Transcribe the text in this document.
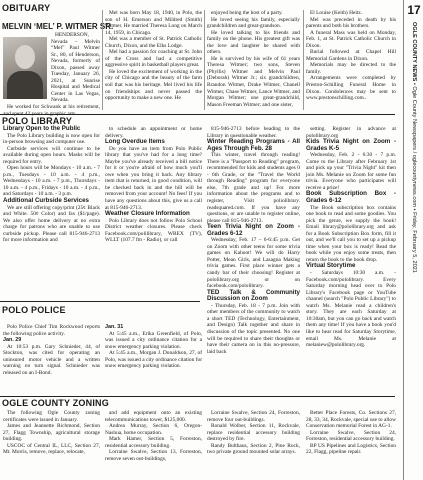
17
OGLE COUNTY NEWS • Ogle County Newspapers / oglecountynews.com • Friday, February 5, 2021
OBITUARY
MELVIN ‘MEL’ P. WITMER SR.

HENDERSON, Nevada – Melvin “Mel” Paul Witmer Sr., 80, of Henderson, Nevada, formerly of Dixon, passed away Tuesday, January 26, 2021, at Sunrise Hospital and Medical Center in Las Vegas, Nevada.

He worked for Schwank at his retirement, and spent 42 years in graphic arts.

Mel was born May 18, 1940, in Polo, the son of H. Emerson and Mildred (Smith) Witmer. He married Theresa Long on March 14, 1959, in Chicago.

Mel was a member of St. Patrick Catholic Church, Dixon, and the Elks Lodge.

Mel had a passion for coaching at St. John of the Cross and had a competitive aggressive spirit in basketball players great.

He loved the excitement of working in the city of Chicago and the beauty of the farm soil that was his heritage. Mel lived his life on friendships and never passed the opportunity to make a new one. He

enjoyed being the host of a party.

He loved seeing his family, especially grandchildren and great-grandson.

He loved talking to his friends and family on the phone. His greatest gift was the love and laughter he shared with others.

He is survived by his wife of 61 years Theresa Witmer; two sons, Steven (Phyllis) Witmer and Melvin Paul (Deborah) Witmer Jr.; six grandchildren, Brandon Witmer, Drake Witmer, Chanell Witmer, Chase Witmer, Lance Witmer, and Morgan Witmer; one great-grandchild, Mason Freeman Witmer; and one sister,

El Louise (Keith) Heitz.

Mel was preceded in death by his parents and both his brothers.

A funeral Mass was held on Monday, Feb. 1, at St. Patrick Catholic Church in Dixon.

Burial followed at Chapel Hill Memorial Gardens in Dixon.

Memorials may be directed to the family.

Arrangements were completed by Preston-Schilling Funeral Home in Dixon. Condolences may be sent to www.prestonschilling.com..

POLO LIBRARY

Library Open to the Public

The Polo Library building is now open for in-person browsing and computer use.

Curbside services will continue to be available during open hours. Masks will be required for entry.

Open hours will be Mondays - 10 a.m. - 7 p.m., Tuesdays - 10 a.m. - 4 p.m., Wednesdays - 10 a.m. - 7 p.m., Thursdays - 10 a.m. - 4 p.m., Fridays - 10 a.m. - 4 p.m., and Saturdays - 10 a.m. - 3 p.m.

Additional Curbside Services

We are still offering copy/print (25¢ Black and White. 50¢ Color) and fax ($1/page). We also offer home delivery at no extra charge for patrons who are unable to use curbside pickup. Please call 815-946-2713 for more information and

to schedule an appointment or home delivery.

Long Overdue Items

Do you have an item from Polo Public library that you've had for a long time? Maybe you've already received a bill notice for it or you're afraid of how much you'll owe when you bring it back. Any library item that is returned, in good condition, will be checked back in and the bill will be removed from your account! No fees! If you have any questions about this, give us a call at 815-946-2713.

Weather Closure Information

Polo Library does not follow Polo School District weather closures. Please check Facebook.com/polilibrary, WREX (TV), WLLT (107.7 fm - Radio), or call

815-946-2713 before heading to the Library in questionable weather.

Winter Reading Programs - All Ages Through Feb. 28

This winter, travel through reading! There is a "Passport to Reading" program, recommended for kids and students ages 0 - 6th Grade, or the "Travel the World through Reading" program for everyone else, 7th grade and up! For more information about the programs and to register, Visit poliolibrary. readsquared.com. If you have any questions, or are unable to register online, please call 815-946-2713.

Teen Trivia Night on Zoom - Grades 6-12

Wednesday, Feb. 17 – 6-6:45 p.m. Get on Zoom with other teens for some trivia games on Kahoot! We will do Harry Potter, Mean Girls, and Lasagna Making trivia games. First place winner gets a candy bar of their choosing! Register at pololibrary.org or on facebook.com/pololibrary.

TED Talk & Community Discussion on Zoom

- Thursday, Feb. 18 - 7 p.m. Join with other members of the community to watch a short TED (Technology, Entertainment, and Design) Talk together and share in discussion of the topic presented. No one will be required to share their thoughts or have their camera on in this no-pressure, laid back

setting. Register in advance at pololibrary.org

Kids Trivia Night on Zoom - Grades K-5

Wednesday, Feb. 2 - 6:30 - 7 p.m. Come to the Library after February 1st and pick up your "Trivia Night" kit then join Ms. Melanie on Zoom for some fun trivia. Everyone who participates will receive a prize!

Book Subscription Box - Grades 6-12

The Book subscription box contains one book to read and some goodies. You pick the genre, we supply the book! Email library@pololibrary.org and ask for a Book Subscription Box form, fill it out, and we'll call you to set up a pickup time when your box is ready! Read the book while you enjoy some treats, then return the book to the book drop.

Virtual Storytime

- Saturdays 10:30 a.m. - Facebook.com/pololibrary. Every Saturday morning head over to Polo Library's Facebook page or YouTube channel (search "Polo Public Library") to watch Ms. Melanie read a children's story. They are each Saturday at 10:30am, but you can go back and watch them any time! If you have a book you'd like to hear read for Saturday Storytime, email Ms. Melanie at melaniew@pololibrary.org.

POLO POLICE

Polo Police Chief Tim Rockwood reports the following police activity.

Jan. 29

At 10:53 p.m. Gary Schnieder, 44, of Stockton, was cited for operating an uninsured motor vehicle and a written warning no turn signal. Schnieder was released on an I-Bond.

Jan. 31

At 5:45 a.m., Erika Greenfield, of Polo, was issued a city ordinance citation for a snow emergency parking violation.

At 5:45 a.m., Morgan J. Donaldson, 27, of Polo, was issued a city ordinance citation for snow emergency parking violation.

OGLE COUNTY ZONING

The following Ogle County zoning certificates were issued in January.

James and Jeannette Richmond, Section 27, Flagg Township, agricultural storage building.

USCOC of Central IL, LLC, Section 27, Mt. Morris, remove, replace, relocate,

and add equipment onto an existing telecommunications tower, $125,000.

Andrea Murray, Section 6, Oregon-Nashua, home occupation.

Mark Hamer, Section 5, Forreston, residential accessory building.

Lorraine Swalve, Section 13, Forreston, remove seven out-buildings,

Lorraine Swalve, Section 24, Forreston, remove four out-buildings.

Ronald Wolber, Section 11, Rockvale, replace residential accessory building destroyed by fire.

Randy Bulthaus, Section 2, Pine Rock, two private ground mounted solar arrays.

Better Place Forests, Co. Sections 27, 28, 33, 34, Rockvale, special use to allow Conservation memorial Forest in AG-1.

Lorraine Swalve, Section 24, Forreston, residential accessory building.

BP US Pipelines and Logistics, Section 22, Flagg, pipeline repair.
